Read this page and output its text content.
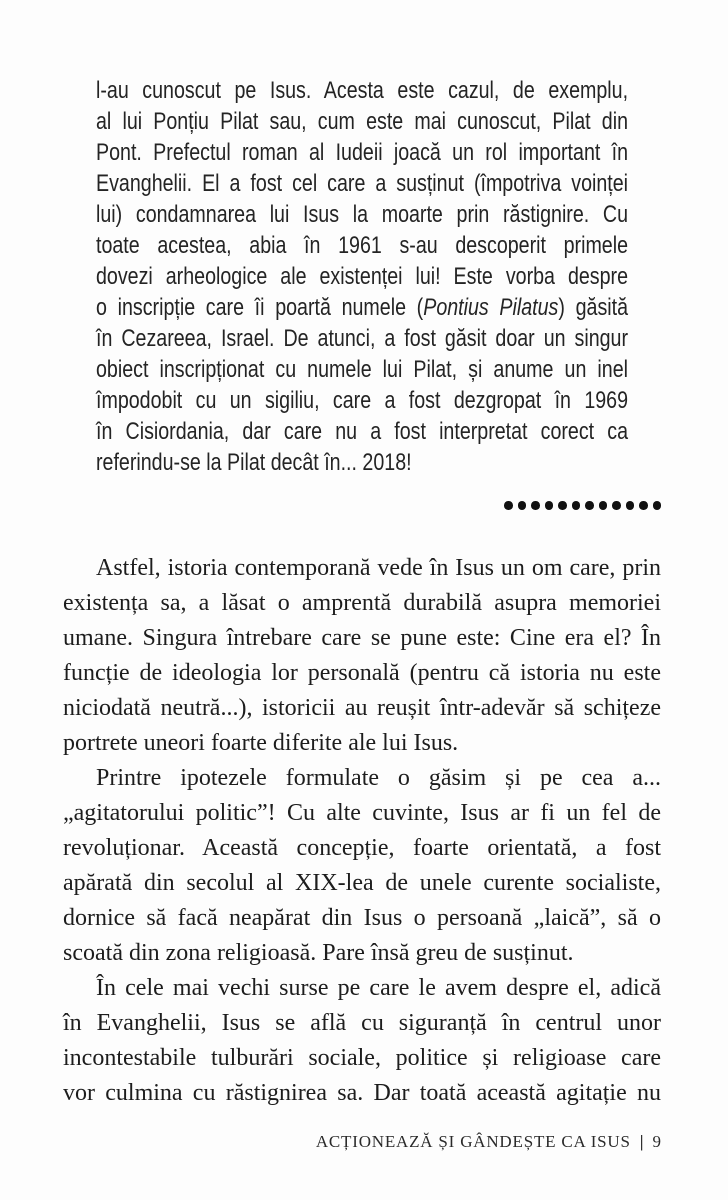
l-au cunoscut pe Isus. Acesta este cazul, de exemplu,
al lui Ponțiu Pilat sau, cum este mai cunoscut, Pilat din
Pont. Prefectul roman al Iudeii joacă un rol important în
Evanghelii. El a fost cel care a susținut (împotriva voinței
lui) condamnarea lui Isus la moarte prin răstignire. Cu
toate acestea, abia în 1961 s-au descoperit primele
dovezi arheologice ale existenței lui! Este vorba despre
o inscripție care îi poartă numele (Pontius Pilatus) găsită
în Cezareea, Israel. De atunci, a fost găsit doar un singur
obiect inscripționat cu numele lui Pilat, și anume un inel
împodobit cu un sigiliu, care a fost dezgropat în 1969
în Cisiordania, dar care nu a fost interpretat corect ca
referindu-se la Pilat decât în... 2018!
Astfel, istoria contemporană vede în Isus un om care, prin
existența sa, a lăsat o amprentă durabilă asupra memoriei
umane. Singura întrebare care se pune este: Cine era el? În
funcție de ideologia lor personală (pentru că istoria nu este
niciodată neutră...), istoricii au reușit într-adevăr să schițeze
portrete uneori foarte diferite ale lui Isus.
Printre ipotezele formulate o găsim și pe cea a...
„agitatorului politic”! Cu alte cuvinte, Isus ar fi un fel de
revoluționar. Această concepție, foarte orientată, a fost
apărată din secolul al XIX-lea de unele curente socialiste,
dornice să facă neapărat din Isus o persoană „laică”, să o
scoată din zona religioasă. Pare însă greu de susținut.
În cele mai vechi surse pe care le avem despre el, adică
în Evanghelii, Isus se află cu siguranță în centrul unor
incontestabile tulburări sociale, politice și religioase care
vor culmina cu răstignirea sa. Dar toată această agitație nu
ACȚIONEAZĂ ȘI GÂNDEȘTE CA ISUS | 9
